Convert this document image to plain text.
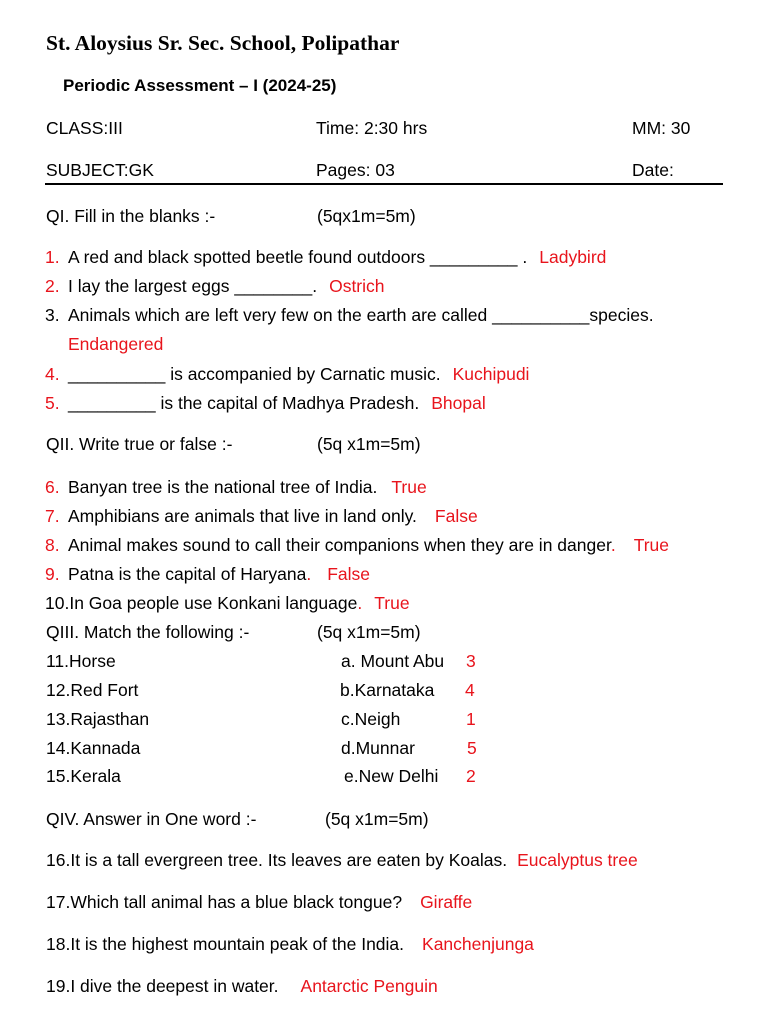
St. Aloysius Sr. Sec. School, Polipathar
Periodic Assessment – I (2024-25)
CLASS:III	Time: 2:30 hrs	MM: 30
SUBJECT:GK	Pages: 03	Date:
QI. Fill in the blanks :-	(5qx1m=5m)
1. A red and black spotted beetle found outdoors _________ . Ladybird
2. I lay the largest eggs ________. Ostrich
3. Animals which are left very few on the earth are called __________species.
Endangered
4. __________ is accompanied by Carnatic music. Kuchipudi
5. _________ is the capital of Madhya Pradesh. Bhopal
QII. Write true or false :-	(5q x1m=5m)
6. Banyan tree is the national tree of India. True
7. Amphibians are animals that live in land only. False
8. Animal makes sound to call their companions when they are in danger. True
9. Patna is the capital of Haryana. False
10.In Goa people use Konkani language. True
QIII. Match the following :-	(5q x1m=5m)
11.Horse	a. Mount Abu 3
12.Red Fort	b.Karnataka 4
13.Rajasthan	c.Neigh	1
14.Kannada	d.Munnar	5
15.Kerala	e.New Delhi 2
QIV. Answer in One word :-	(5q x1m=5m)
16.It is a tall evergreen tree. Its leaves are eaten by Koalas. Eucalyptus tree
17.Which tall animal has a blue black tongue? Giraffe
18.It is the highest mountain peak of the India. Kanchenjunga
19.I dive the deepest in water. Antarctic Penguin
